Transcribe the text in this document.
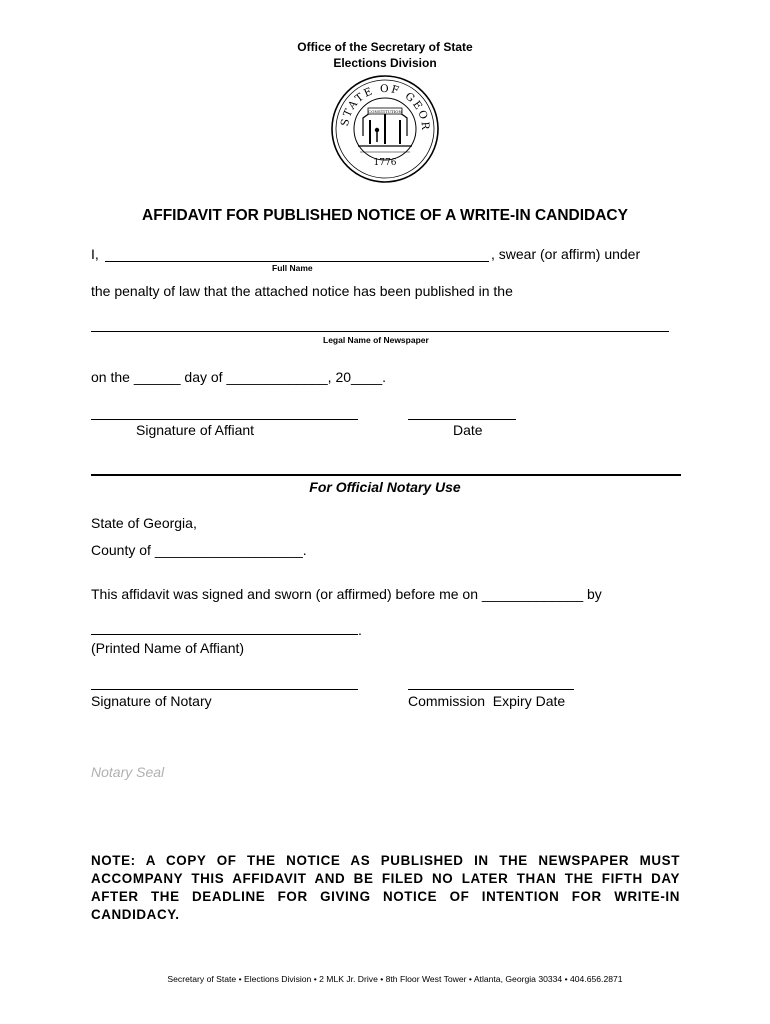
Office of the Secretary of State
Elections Division
STATE OF GEOR
CONSTITUTION
1776
AFFIDAVIT FOR PUBLISHED NOTICE OF A WRITE-IN CANDIDACY
I,	, swear (or affirm) under
Full Name
the penalty of law that the attached notice has been published in the
Legal Name of Newspaper
on the ______ day of _____________, 20____.
Signature of Affiant	Date
For Official Notary Use
State of Georgia,
County of ___________________.
This affidavit was signed and sworn (or affirmed) before me on _____________ by
.
(Printed Name of Affiant)
Signature of Notary	Commission  Expiry Date
Notary Seal
NOTE: A COPY OF THE NOTICE AS PUBLISHED IN THE NEWSPAPER MUST ACCOMPANY THIS AFFIDAVIT AND BE FILED NO LATER THAN THE FIFTH DAY AFTER THE DEADLINE FOR GIVING NOTICE OF INTENTION FOR WRITE-IN CANDIDACY.
Secretary of State • Elections Division • 2 MLK Jr. Drive • 8th Floor West Tower • Atlanta, Georgia 30334 • 404.656.2871
